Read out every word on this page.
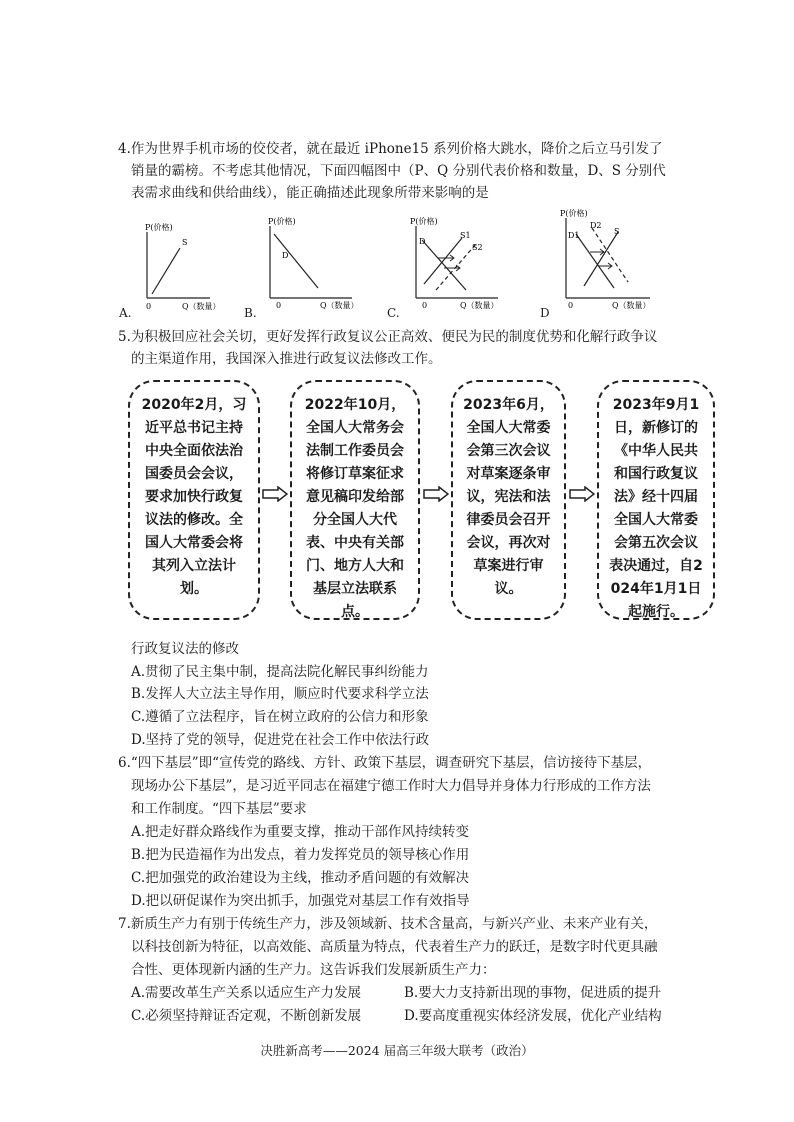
4.作为世界手机市场的佼佼者，就在最近 iPhone15 系列价格大跳水，降价之后立马引发了
销量的霸榜。不考虑其他情况，下面四幅图中（P、Q 分别代表价格和数量，D、S 分别代
表需求曲线和供给曲线），能正确描述此现象所带来影响的是
P(价格)
S
0	Q（数量）
A.
P(价格)
D
0	Q（数量）
B.
P(价格)
D
S1
S2
0	Q（数量）
C.
P(价格)
D1
D2
S
0	Q（数量）
D
5.为积极回应社会关切，更好发挥行政复议公正高效、便民为民的制度优势和化解行政争议
的主渠道作用，我国深入推进行政复议法修改工作。
2020年2月，习近平总书记主持中央全面依法治国委员会会议，要求加快行政复议法的修改。全国人大常委会将其列入立法计划。
2022年10月，全国人大常务会法制工作委员会将修订草案征求意见稿印发给部分全国人大代表、中央有关部门、地方人大和基层立法联系点。
2023年6月，全国人大常委会第三次会议对草案逐条审议，宪法和法律委员会召开会议，再次对草案进行审议。
2023年9月1日，新修订的《中华人民共和国行政复议法》经十四届全国人大常委会第五次会议表决通过，自2024年1月1日起施行。
行政复议法的修改
A.贯彻了民主集中制，提高法院化解民事纠纷能力
B.发挥人大立法主导作用，顺应时代要求科学立法
C.遵循了立法程序，旨在树立政府的公信力和形象
D.坚持了党的领导，促进党在社会工作中依法行政
6.“四下基层”即“宣传党的路线、方针、政策下基层，调查研究下基层，信访接待下基层，
现场办公下基层”，是习近平同志在福建宁德工作时大力倡导并身体力行形成的工作方法
和工作制度。“四下基层”要求
A.把走好群众路线作为重要支撑，推动干部作风持续转变
B.把为民造福作为出发点，着力发挥党员的领导核心作用
C.把加强党的政治建设为主线，推动矛盾问题的有效解决
D.把以研促谋作为突出抓手，加强党对基层工作有效指导
7.新质生产力有别于传统生产力，涉及领域新、技术含量高，与新兴产业、未来产业有关，
以科技创新为特征，以高效能、高质量为特点，代表着生产力的跃迁，是数字时代更具融
合性、更体现新内涵的生产力。这告诉我们发展新质生产力：
A.需要改革生产关系以适应生产力发展	B.要大力支持新出现的事物，促进质的提升
C.必须坚持辩证否定观，不断创新发展	D.要高度重视实体经济发展，优化产业结构
决胜新高考——2024 届高三年级大联考（政治）
